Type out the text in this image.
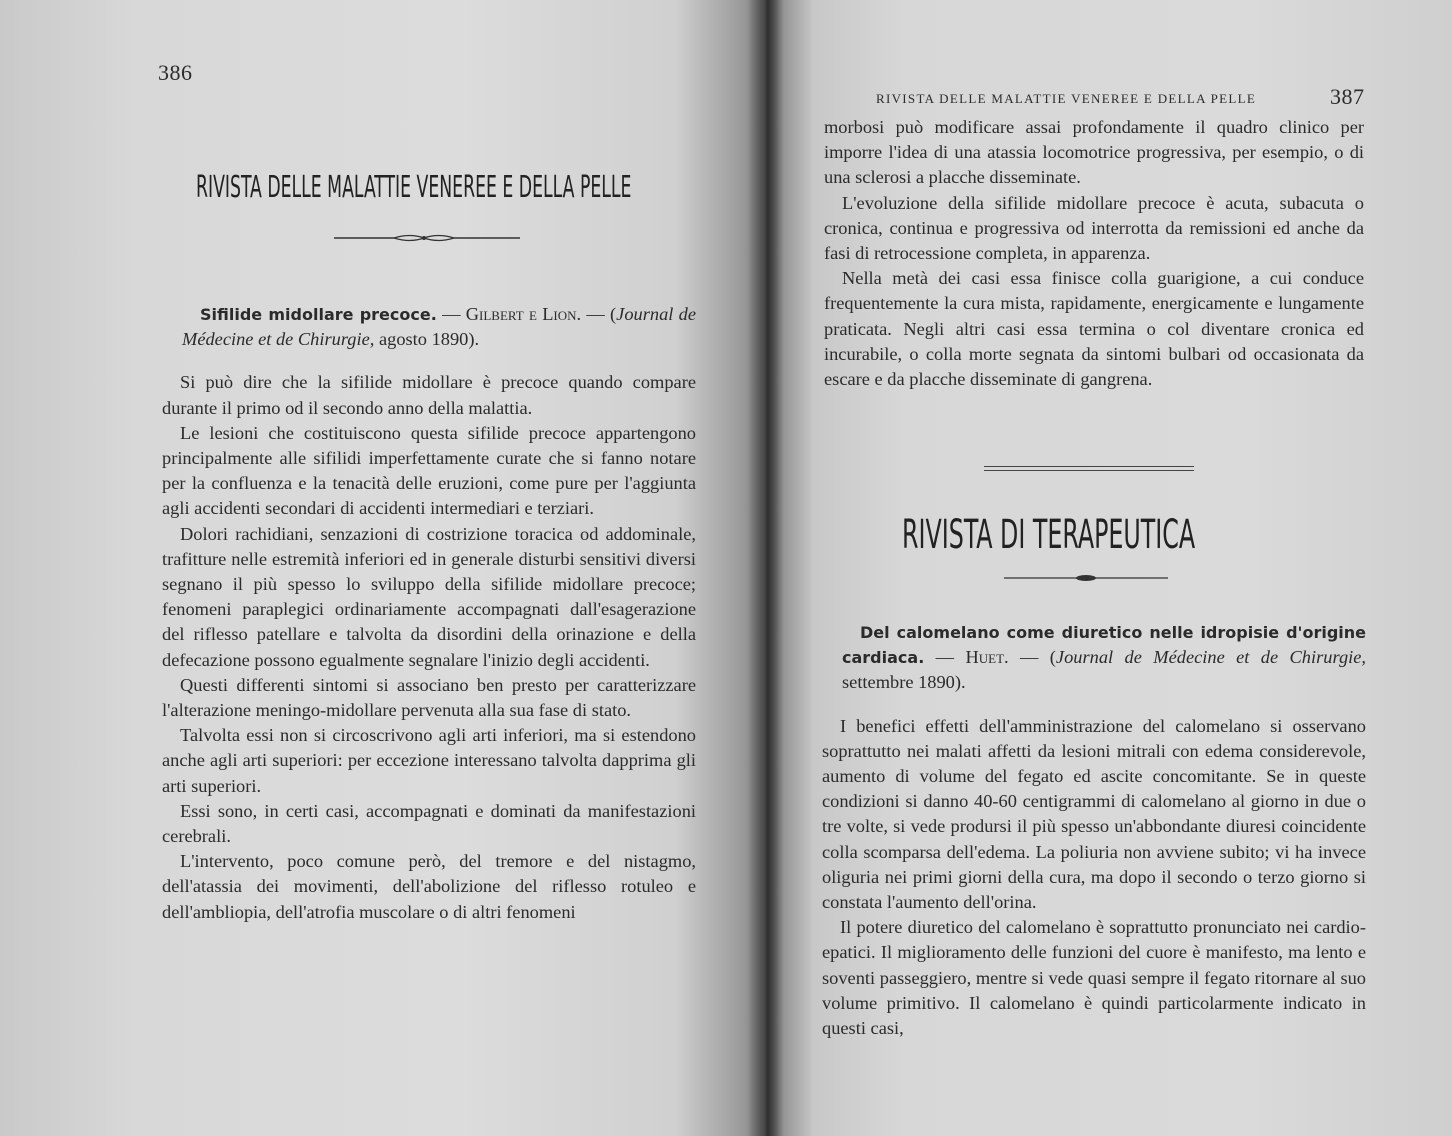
386
RIVISTA DELLE MALATTIE VENEREE E DELLA PELLE

Sifilide midollare precoce. — Gilbert e Lion. — (Journal de Médecine et de Chirurgie, agosto 1890).

Si può dire che la sifilide midollare è precoce quando compare durante il primo od il secondo anno della malattia.

Le lesioni che costituiscono questa sifilide precoce appartengono principalmente alle sifilidi imperfettamente curate che si fanno notare per la confluenza e la tenacità delle eruzioni, come pure per l'aggiunta agli accidenti secondari di accidenti intermediari e terziari.

Dolori rachidiani, senzazioni di costrizione toracica od addominale, trafitture nelle estremità inferiori ed in generale disturbi sensitivi diversi segnano il più spesso lo sviluppo della sifilide midollare precoce; fenomeni paraplegici ordinariamente accompagnati dall'esagerazione del riflesso patellare e talvolta da disordini della orinazione e della defecazione possono egualmente segnalare l'inizio degli accidenti.

Questi differenti sintomi si associano ben presto per caratterizzare l'alterazione meningo-midollare pervenuta alla sua fase di stato.

Talvolta essi non si circoscrivono agli arti inferiori, ma si estendono anche agli arti superiori: per eccezione interessano talvolta dapprima gli arti superiori.

Essi sono, in certi casi, accompagnati e dominati da manifestazioni cerebrali.

L'intervento, poco comune però, del tremore e del nistagmo, dell'atassia dei movimenti, dell'abolizione del riflesso rotuleo e dell'ambliopia, dell'atrofia muscolare o di altri fenomeni

RIVISTA DELLE MALATTIE VENEREE E DELLA PELLE	387

morbosi può modificare assai profondamente il quadro clinico per imporre l'idea di una atassia locomotrice progressiva, per esempio, o di una sclerosi a placche disseminate.

L'evoluzione della sifilide midollare precoce è acuta, subacuta o cronica, continua e progressiva od interrotta da remissioni ed anche da fasi di retrocessione completa, in apparenza.

Nella metà dei casi essa finisce colla guarigione, a cui conduce frequentemente la cura mista, rapidamente, energicamente e lungamente praticata. Negli altri casi essa termina o col diventare cronica ed incurabile, o colla morte segnata da sintomi bulbari od occasionata da escare e da placche disseminate di gangrena.

RIVISTA DI TERAPEUTICA

Del calomelano come diuretico nelle idropisie d'origine cardiaca. — Huet. — (Journal de Médecine et de Chirurgie, settembre 1890).

I benefici effetti dell'amministrazione del calomelano si osservano soprattutto nei malati affetti da lesioni mitrali con edema considerevole, aumento di volume del fegato ed ascite concomitante. Se in queste condizioni si danno 40-60 centigrammi di calomelano al giorno in due o tre volte, si vede prodursi il più spesso un'abbondante diuresi coincidente colla scomparsa dell'edema. La poliuria non avviene subito; vi ha invece oliguria nei primi giorni della cura, ma dopo il secondo o terzo giorno si constata l'aumento dell'orina.

Il potere diuretico del calomelano è soprattutto pronunciato nei cardio-epatici. Il miglioramento delle funzioni del cuore è manifesto, ma lento e soventi passeggiero, mentre si vede quasi sempre il fegato ritornare al suo volume primitivo. Il calomelano è quindi particolarmente indicato in questi casi,
